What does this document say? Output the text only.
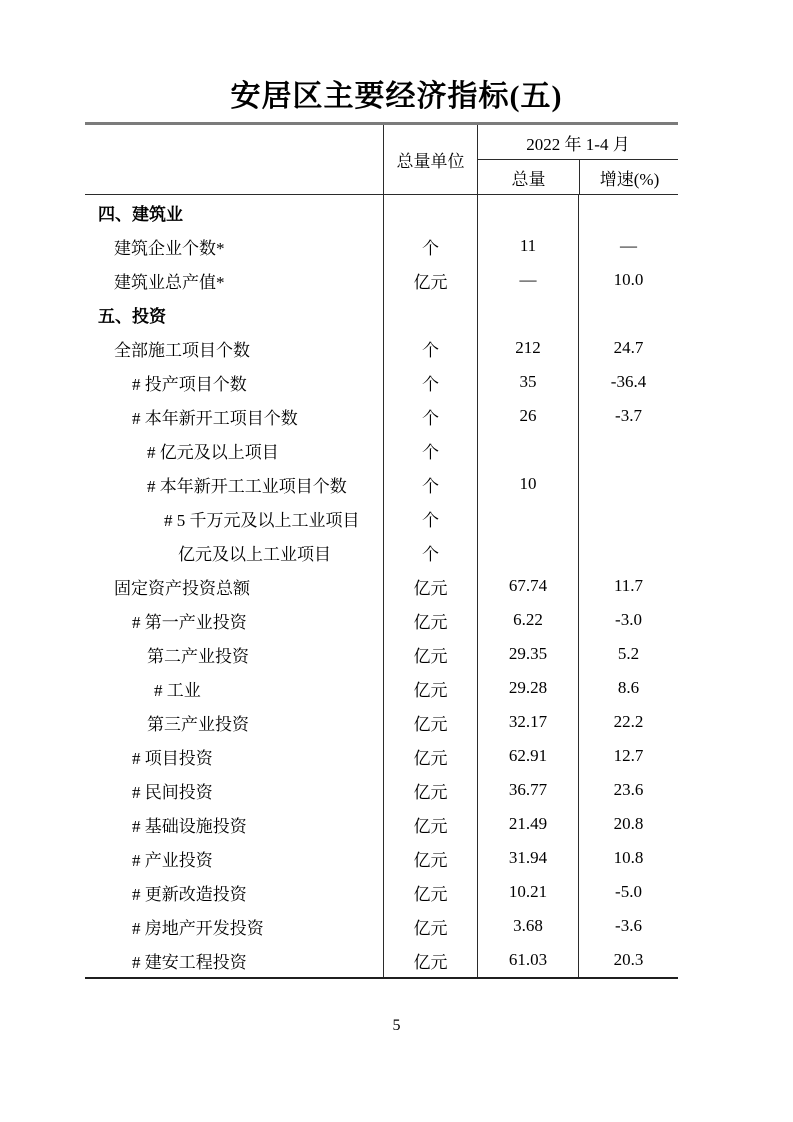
安居区主要经济指标(五)
总量单位
2022 年 1-4 月
总量	增速(%)
四、建筑业
建筑企业个数*	个	11	—
建筑业总产值*	亿元	—	10.0
五、投资
全部施工项目个数	个	212	24.7
# 投产项目个数	个	35	-36.4
# 本年新开工项目个数	个	26	-3.7
# 亿元及以上项目	个
# 本年新开工工业项目个数	个	10
# 5 千万元及以上工业项目	个
亿元及以上工业项目	个
固定资产投资总额	亿元	67.74	11.7
# 第一产业投资	亿元	6.22	-3.0
第二产业投资	亿元	29.35	5.2
# 工业	亿元	29.28	8.6
第三产业投资	亿元	32.17	22.2
# 项目投资	亿元	62.91	12.7
# 民间投资	亿元	36.77	23.6
# 基础设施投资	亿元	21.49	20.8
# 产业投资	亿元	31.94	10.8
# 更新改造投资	亿元	10.21	-5.0
# 房地产开发投资	亿元	3.68	-3.6
# 建安工程投资	亿元	61.03	20.3
5
